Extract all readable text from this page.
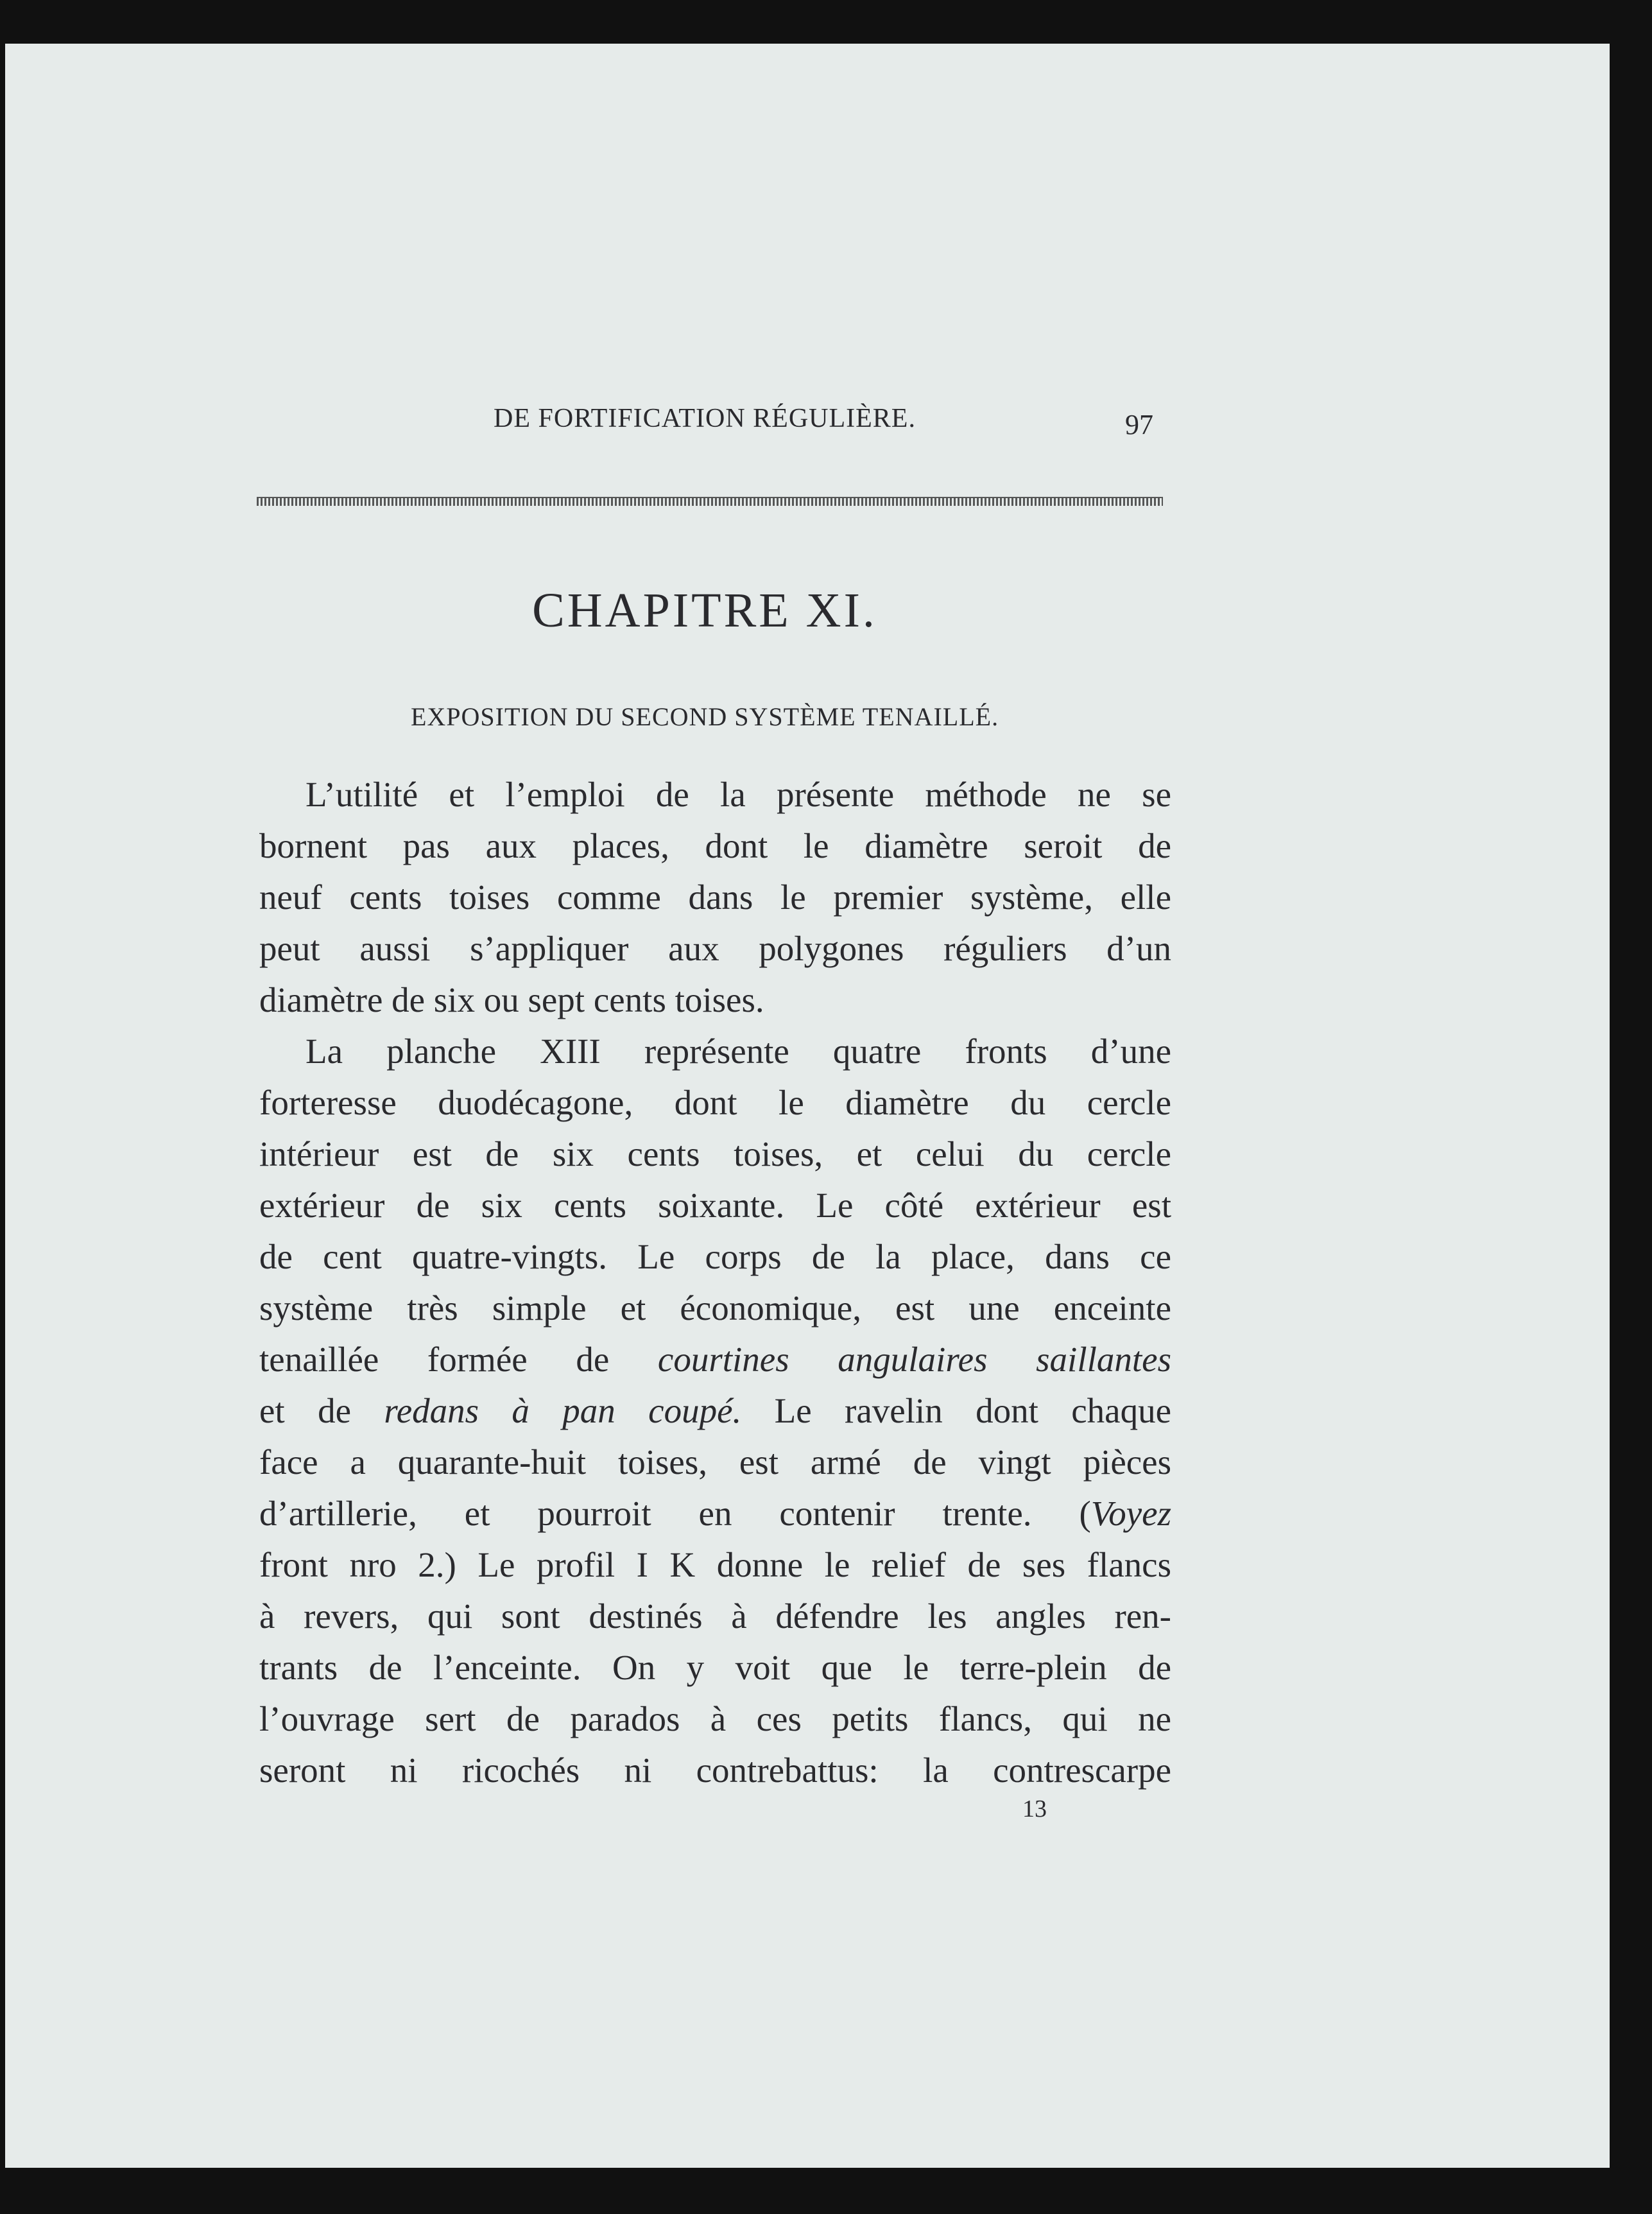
DE FORTIFICATION RÉGULIÈRE.	97
CHAPITRE XI.
EXPOSITION DU SECOND SYSTÈME TENAILLÉ.
L’utilité et l’emploi de la présente méthode ne se
bornent pas aux places, dont le diamètre seroit de
neuf cents toises comme dans le premier système, elle
peut aussi s’appliquer aux polygones réguliers d’un
diamètre de six ou sept cents toises.
La planche XIII représente quatre fronts d’une
forteresse duodécagone, dont le diamètre du cercle
intérieur est de six cents toises, et celui du cercle
extérieur de six cents soixante. Le côté extérieur est
de cent quatre-vingts. Le corps de la place, dans ce
système très simple et économique, est une enceinte
tenaillée formée de courtines angulaires saillantes
et de redans à pan coupé. Le ravelin dont chaque
face a quarante-huit toises, est armé de vingt pièces
d’artillerie, et pourroit en contenir trente. (Voyez
front nro 2.) Le profil I K donne le relief de ses flancs
à revers, qui sont destinés à défendre les angles ren-
trants de l’enceinte. On y voit que le terre-plein de
l’ouvrage sert de parados à ces petits flancs, qui ne
seront ni ricochés ni contrebattus: la contrescarpe
13
